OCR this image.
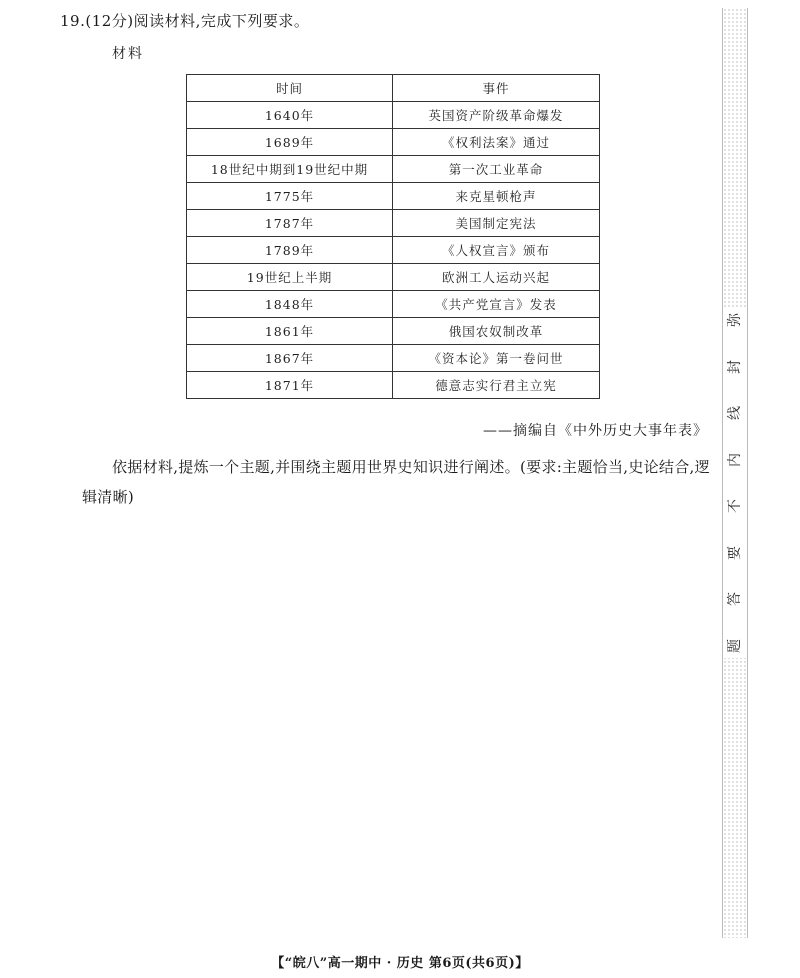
19.(12分)阅读材料,完成下列要求。
材料
时间	事件
1640年	英国资产阶级革命爆发
1689年	《权利法案》通过
18世纪中期到19世纪中期	第一次工业革命
1775年	来克星顿枪声
1787年	美国制定宪法
1789年	《人权宣言》颁布
19世纪上半期	欧洲工人运动兴起
1848年	《共产党宣言》发表
1861年	俄国农奴制改革
1867年	《资本论》第一卷问世
1871年	德意志实行君主立宪
——摘编自《中外历史大事年表》
依据材料,提炼一个主题,并围绕主题用世界史知识进行阐述。(要求:主题恰当,史论结合,逻辑清晰)
【“皖八”高一期中 · 历史 第6页(共6页)】
弥
封
线
内
不
要
答
题
